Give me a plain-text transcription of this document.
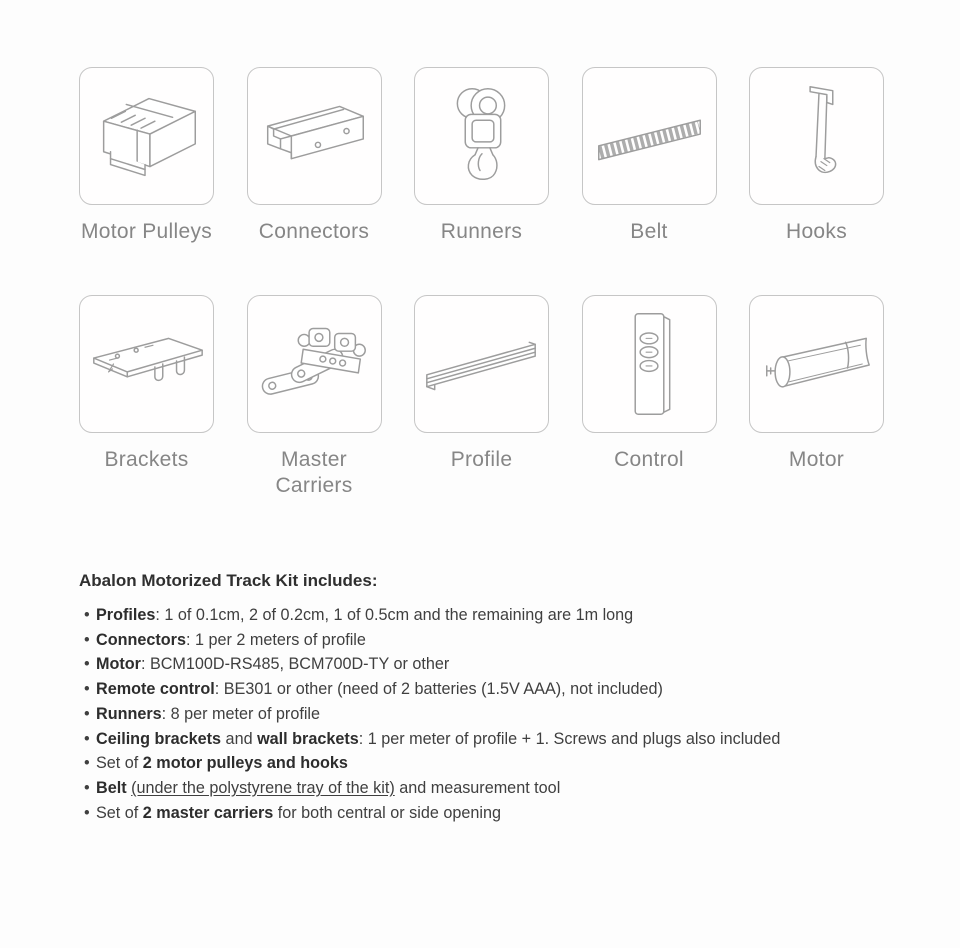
Motor Pulleys Connectors	Runners	Belt	Hooks
Brackets	Master Carriers
Profile	Control	Motor
Abalon Motorized Track Kit includes:
• Profiles: 1 of 0.1cm, 2 of 0.2cm, 1 of 0.5cm and the remaining are 1m long
• Connectors: 1 per 2 meters of profile
• Motor: BCM100D-RS485, BCM700D-TY or other
• Remote control: BE301 or other (need of 2 batteries (1.5V AAA), not included)
• Runners: 8 per meter of profile
• Ceiling brackets and wall brackets: 1 per meter of profile + 1. Screws and plugs also included
• Set of 2 motor pulleys and hooks
• Belt (under the polystyrene tray of the kit) and measurement tool
• Set of 2 master carriers for both central or side opening
